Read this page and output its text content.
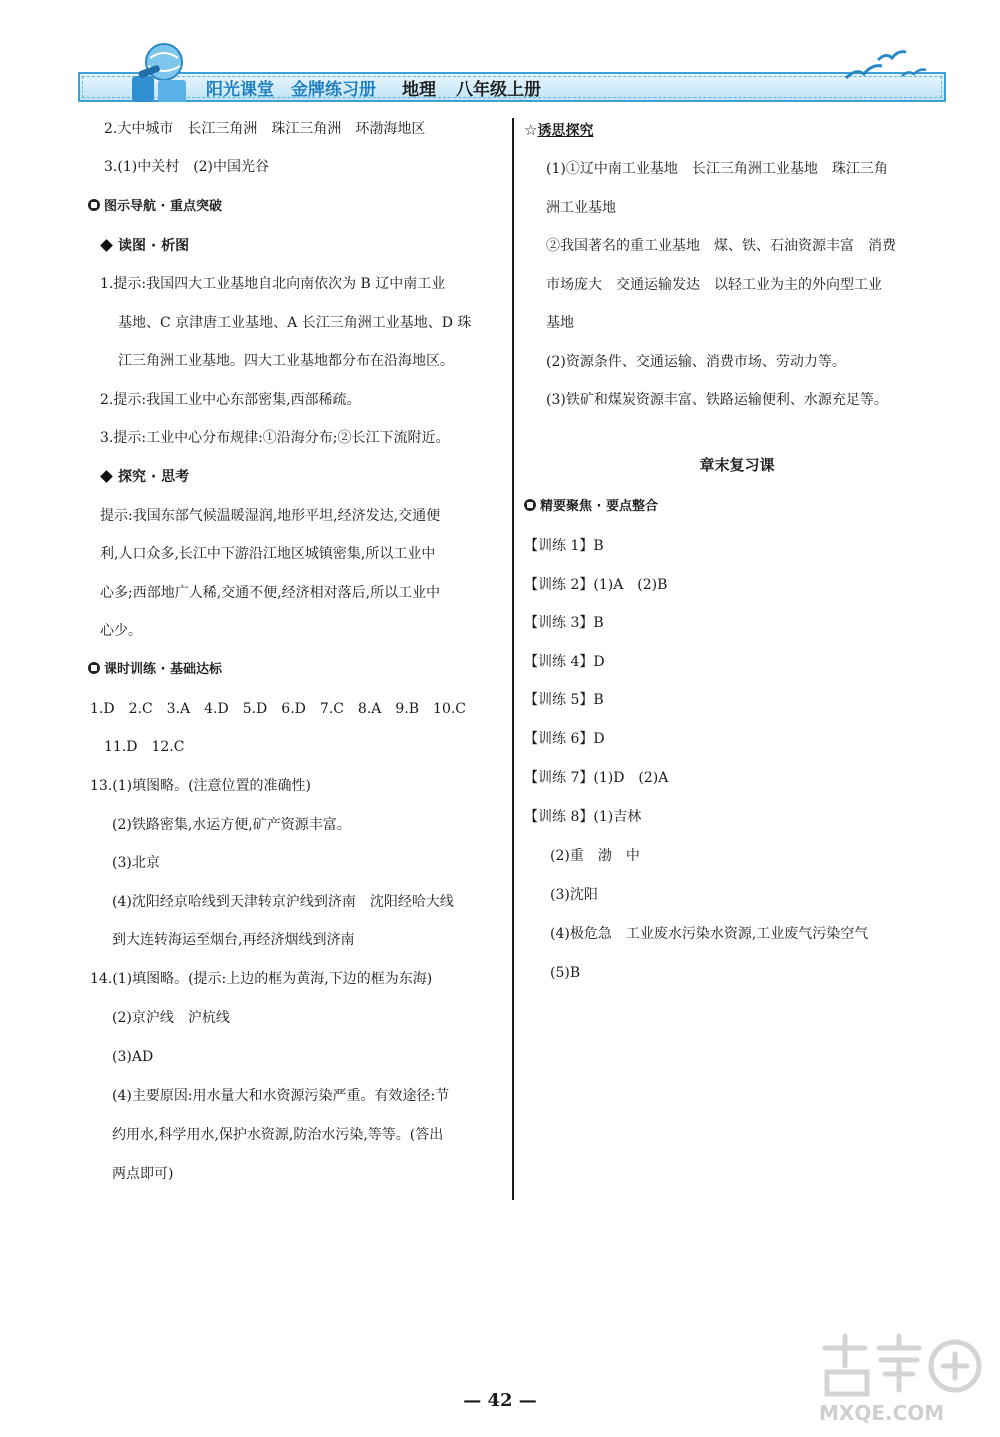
阳光课堂　金牌练习册 地理 八年级上册
2.大中城市　长江三角洲　珠江三角洲　环渤海地区
3.(1)中关村　(2)中国光谷
图示导航 · 重点突破
读图 · 析图
1.提示:我国四大工业基地自北向南依次为 B 辽中南工业
基地、C 京津唐工业基地、A 长江三角洲工业基地、D 珠
江三角洲工业基地。四大工业基地都分布在沿海地区。
2.提示:我国工业中心东部密集,西部稀疏。
3.提示:工业中心分布规律:①沿海分布;②长江下流附近。
探究 · 思考
提示:我国东部气候温暖湿润,地形平坦,经济发达,交通便
利,人口众多,长江中下游沿江地区城镇密集,所以工业中
心多;西部地广人稀,交通不便,经济相对落后,所以工业中
心少。
课时训练 · 基础达标
1.D　2.C　3.A　4.D　5.D　6.D　7.C　8.A　9.B　10.C
11.D　12.C
13.(1)填图略。(注意位置的准确性)
(2)铁路密集,水运方便,矿产资源丰富。
(3)北京
(4)沈阳经京哈线到天津转京沪线到济南　沈阳经哈大线
到大连转海运至烟台,再经济烟线到济南
14.(1)填图略。(提示:上边的框为黄海,下边的框为东海)
(2)京沪线　沪杭线
(3)AD
(4)主要原因:用水量大和水资源污染严重。有效途径:节
约用水,科学用水,保护水资源,防治水污染,等等。(答出
两点即可)
☆诱思探究
(1)①辽中南工业基地　长江三角洲工业基地　珠江三角
洲工业基地
②我国著名的重工业基地　煤、铁、石油资源丰富　消费
市场庞大　交通运输发达　以轻工业为主的外向型工业
基地
(2)资源条件、交通运输、消费市场、劳动力等。
(3)铁矿和煤炭资源丰富、铁路运输便利、水源充足等。
章末复习课
精要聚焦 · 要点整合
【训练 1】B
【训练 2】(1)A　(2)B
【训练 3】B
【训练 4】D
【训练 5】B
【训练 6】D
【训练 7】(1)D　(2)A
【训练 8】(1)吉林
(2)重　渤　中
(3)沈阳
(4)极危急　工业废水污染水资源,工业废气污染空气
(5)B
— 42 —
MXQE.COM
